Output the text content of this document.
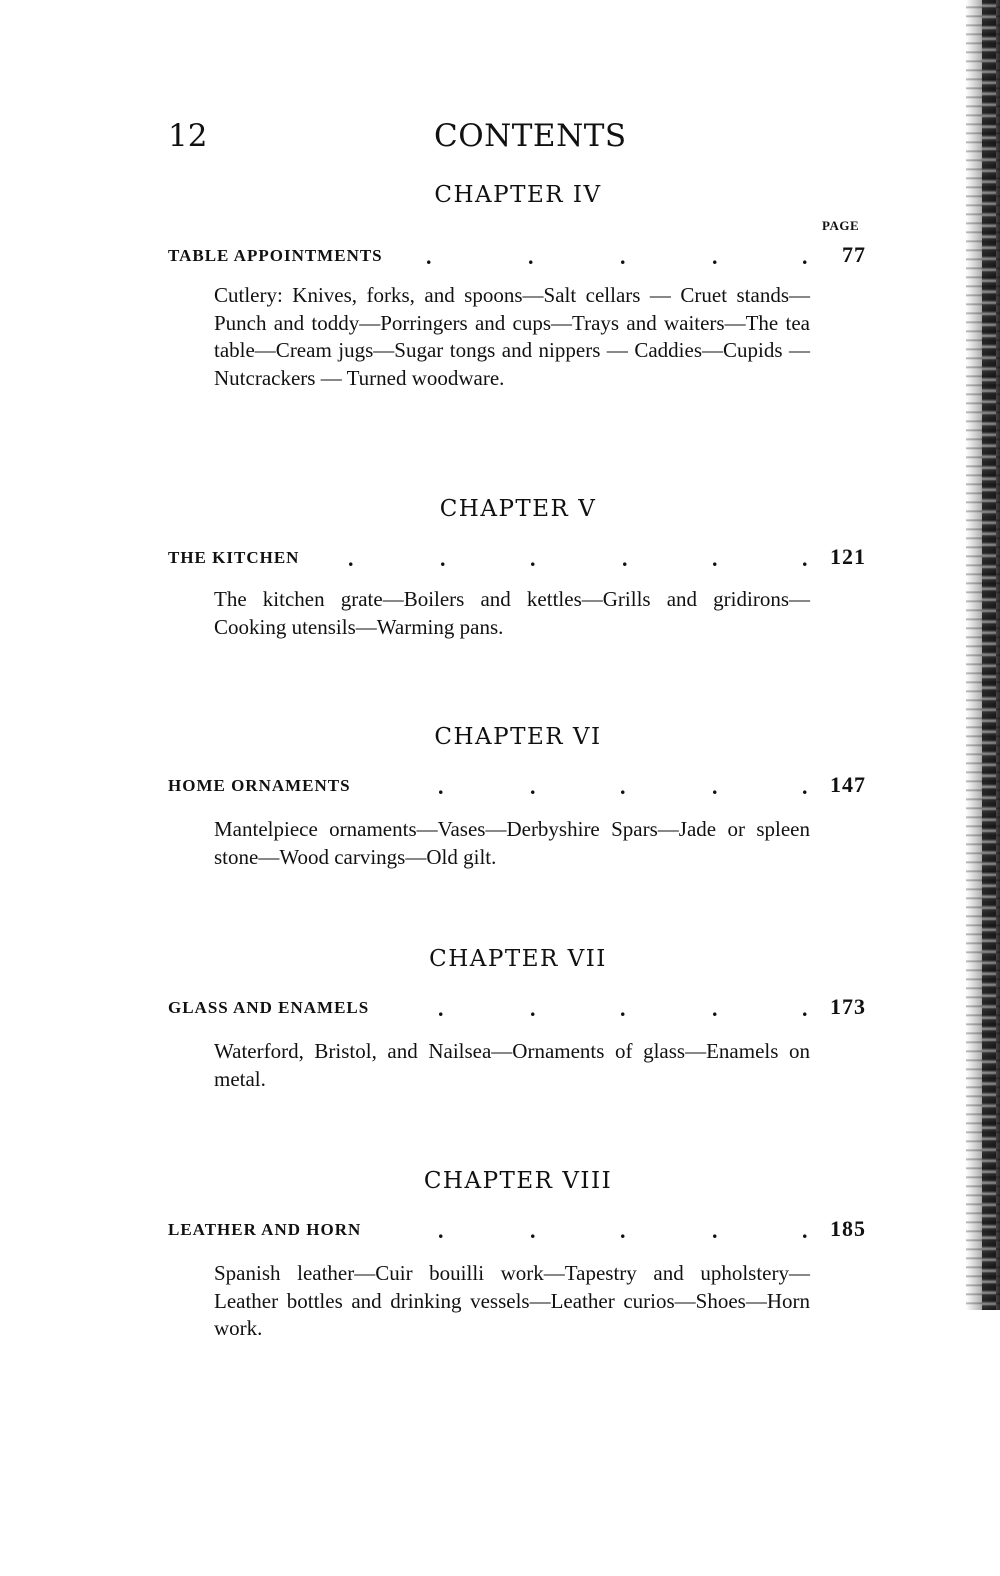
12	CONTENTS
PAGE
CHAPTER IV
TABLE APPOINTMENTS .	.	.	.	. 77
Cutlery: Knives, forks, and spoons—Salt cellars — Cruet stands—Punch and toddy—Porringers and cups—Trays and waiters—The tea table—Cream jugs—Sugar tongs and nippers — Caddies—Cupids — Nutcrackers — Turned woodware.
CHAPTER V
THE KITCHEN .	.	.	.	.	. 121
The kitchen grate—Boilers and kettles—Grills and gridirons—Cooking utensils—Warming pans.
CHAPTER VI
HOME ORNAMENTS	.	.	.	.	. 147
Mantelpiece ornaments—Vases—Derbyshire Spars—Jade or spleen stone—Wood carvings—Old gilt.
CHAPTER VII
GLASS AND ENAMELS	.	.	.	.	. 173
Waterford, Bristol, and Nailsea—Ornaments of glass—Enamels on metal.
CHAPTER VIII
LEATHER AND HORN	.	.	.	.	. 185
Spanish leather—Cuir bouilli work—Tapestry and upholstery—Leather bottles and drinking vessels—Leather curios—Shoes—Horn work.
